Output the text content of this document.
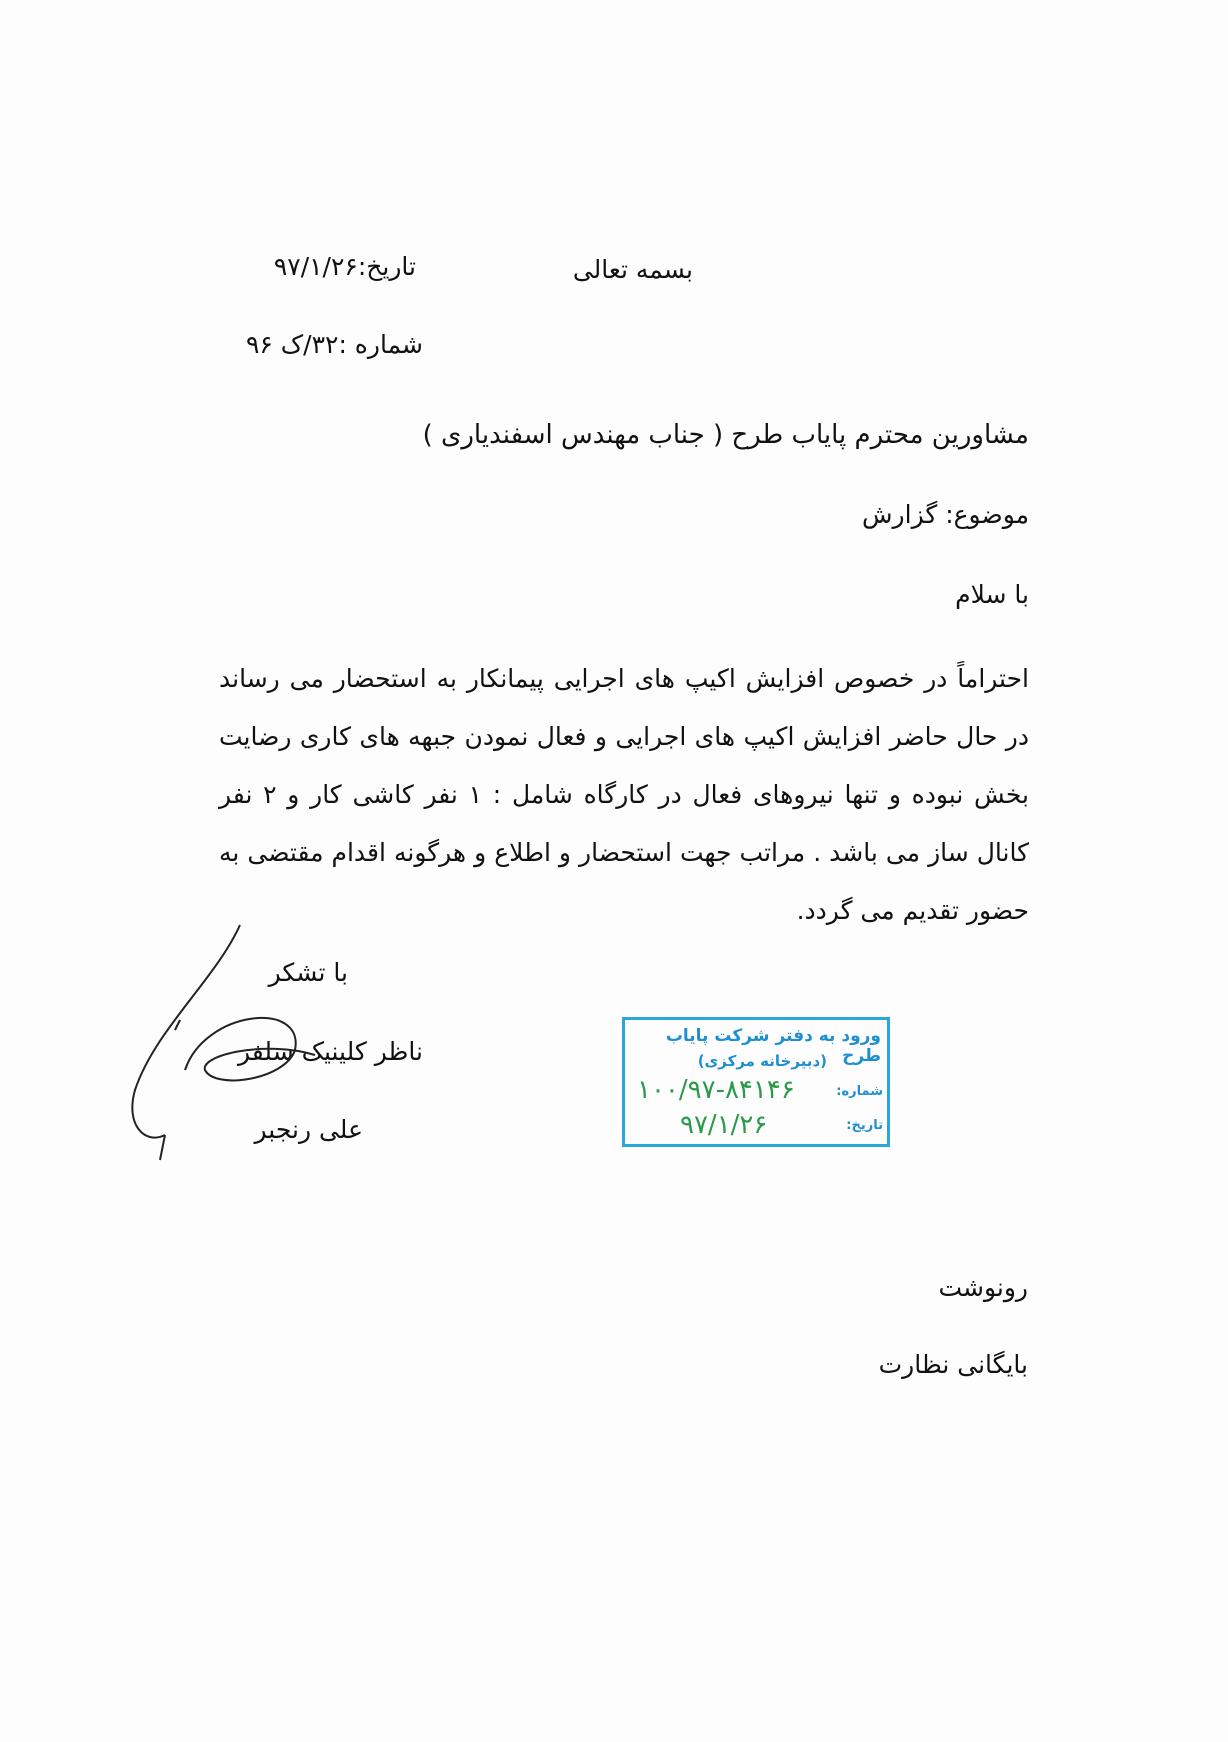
بسمه تعالی
تاریخ:۹۷/۱/۲۶
شماره :۳۲/ک ۹۶
مشاورین محترم پایاب طرح ( جناب مهندس اسفندیاری )
موضوع: گزارش
با سلام
احتراماً در خصوص افزایش اکیپ های اجرایی پیمانکار به استحضار می رساند در حال حاضر افزایش اکیپ های اجرایی و فعال نمودن جبهه های کاری رضایت بخش نبوده و تنها نیروهای فعال در کارگاه شامل : ۱ نفر کاشی کار و ۲ نفر کانال ساز می باشد . مراتب جهت استحضار و اطلاع و هرگونه اقدام مقتضی به حضور تقدیم می گردد.
با تشکر
ناظر کلینیک سلفر
علی رنجبر
ورود به دفتر شرکت پایاب طرح
(دبیرخانه مرکزی)
شماره:
۱۰۰/۹۷-۸۴۱۴۶
تاریخ:
۹۷/۱/۲۶
رونوشت
بایگانی نظارت
